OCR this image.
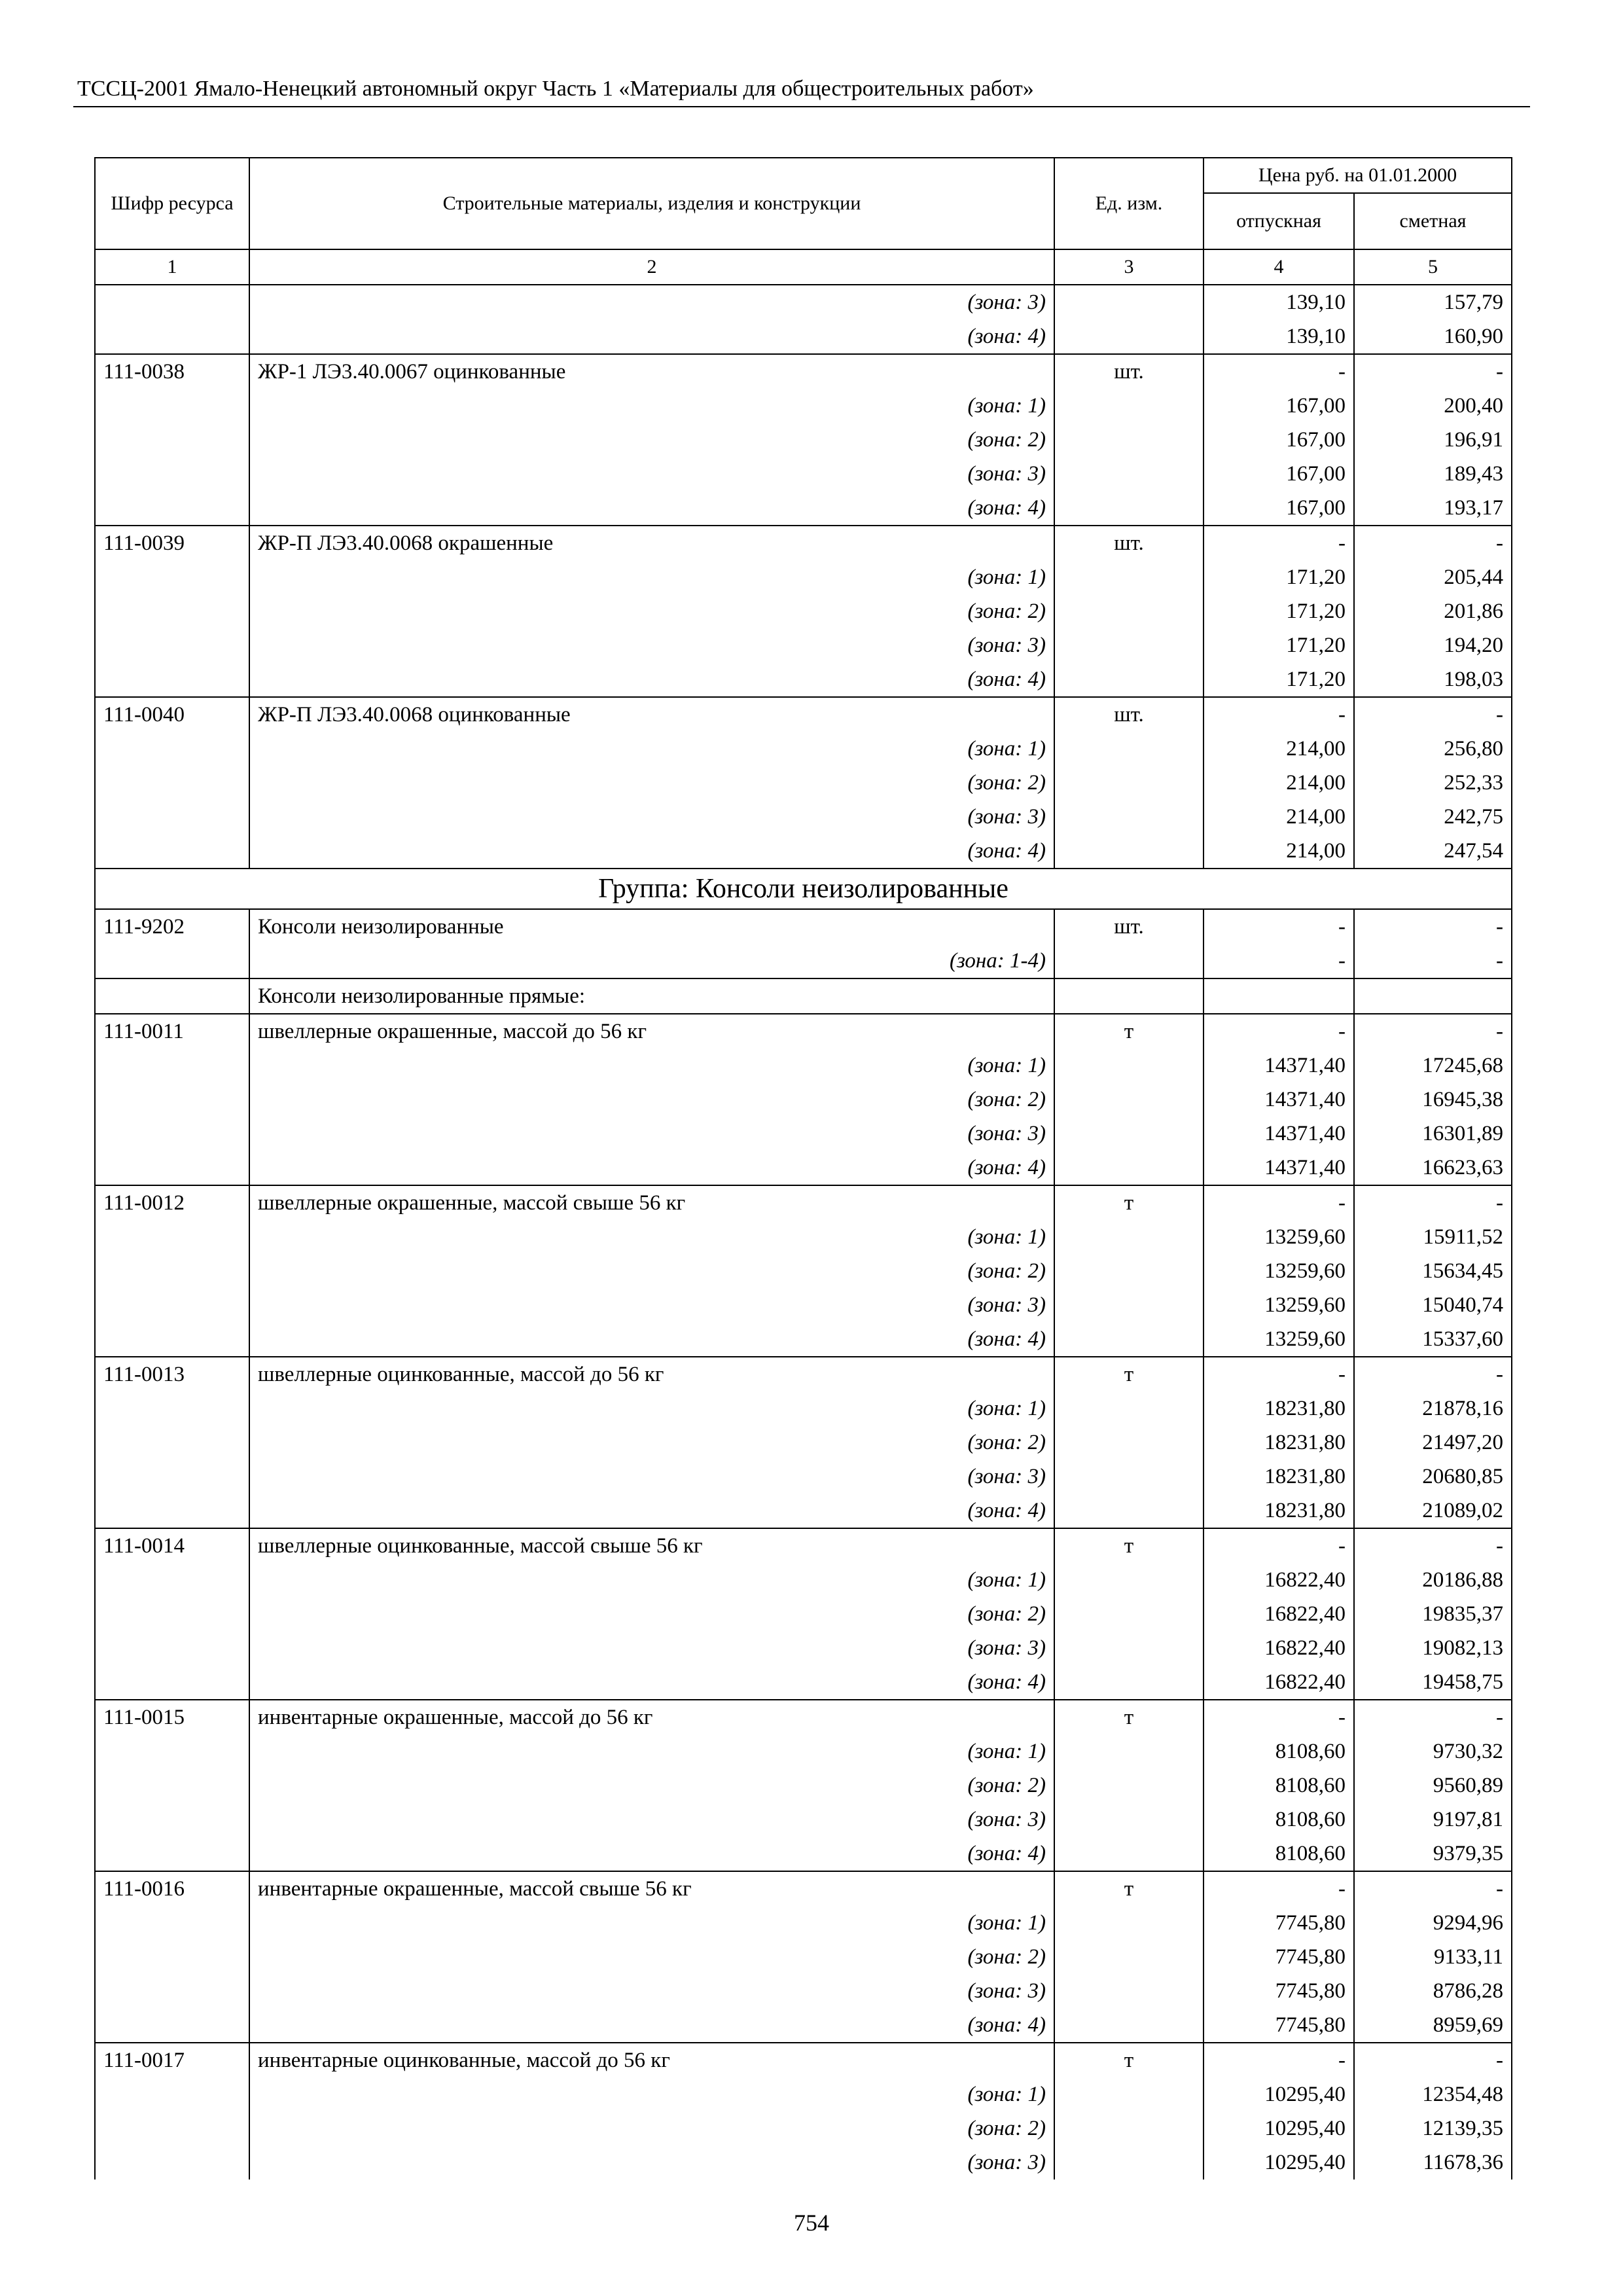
ТССЦ-2001 Ямало-Ненецкий автономный округ Часть 1 «Материалы для общестроительных работ»
Шифр ресурса	Строительные материалы, изделия и конструкции	Ед. изм.	Цена руб. на 01.01.2000	
			отпускная	сметная
1	2	3	4	5
	(зона: 3)		139,10	157,79
	(зона: 4)		139,10	160,90
111-0038	ЖР-1 ЛЭ3.40.0067 оцинкованные	шт.	-	-
	(зона: 1)		167,00	200,40
	(зона: 2)		167,00	196,91
	(зона: 3)		167,00	189,43
	(зона: 4)		167,00	193,17
111-0039	ЖР-П ЛЭ3.40.0068 окрашенные	шт.	-	-
	(зона: 1)		171,20	205,44
	(зона: 2)		171,20	201,86
	(зона: 3)		171,20	194,20
	(зона: 4)		171,20	198,03
111-0040	ЖР-П ЛЭ3.40.0068 оцинкованные	шт.	-	-
	(зона: 1)		214,00	256,80
	(зона: 2)		214,00	252,33
	(зона: 3)		214,00	242,75
	(зона: 4)		214,00	247,54
Группа: Консоли неизолированные				
111-9202	Консоли неизолированные	шт.	-	-
	(зона: 1-4)		-	-
	Консоли неизолированные прямые:			
111-0011	швеллерные окрашенные, массой до 56 кг	т	-	-
	(зона: 1)		14371,40	17245,68
	(зона: 2)		14371,40	16945,38
	(зона: 3)		14371,40	16301,89
	(зона: 4)		14371,40	16623,63
111-0012	швеллерные окрашенные, массой свыше 56 кг	т	-	-
	(зона: 1)		13259,60	15911,52
	(зона: 2)		13259,60	15634,45
	(зона: 3)		13259,60	15040,74
	(зона: 4)		13259,60	15337,60
111-0013	швеллерные оцинкованные, массой до 56 кг	т	-	-
	(зона: 1)		18231,80	21878,16
	(зона: 2)		18231,80	21497,20
	(зона: 3)		18231,80	20680,85
	(зона: 4)		18231,80	21089,02
111-0014	швеллерные оцинкованные, массой свыше 56 кг	т	-	-
	(зона: 1)		16822,40	20186,88
	(зона: 2)		16822,40	19835,37
	(зона: 3)		16822,40	19082,13
	(зона: 4)		16822,40	19458,75
111-0015	инвентарные окрашенные, массой до 56 кг	т	-	-
	(зона: 1)		8108,60	9730,32
	(зона: 2)		8108,60	9560,89
	(зона: 3)		8108,60	9197,81
	(зона: 4)		8108,60	9379,35
111-0016	инвентарные окрашенные, массой свыше 56 кг	т	-	-
	(зона: 1)		7745,80	9294,96
	(зона: 2)		7745,80	9133,11
	(зона: 3)		7745,80	8786,28
	(зона: 4)		7745,80	8959,69
111-0017	инвентарные оцинкованные, массой до 56 кг	т	-	-
	(зона: 1)		10295,40	12354,48
	(зона: 2)		10295,40	12139,35
	(зона: 3)		10295,40	11678,36
754
